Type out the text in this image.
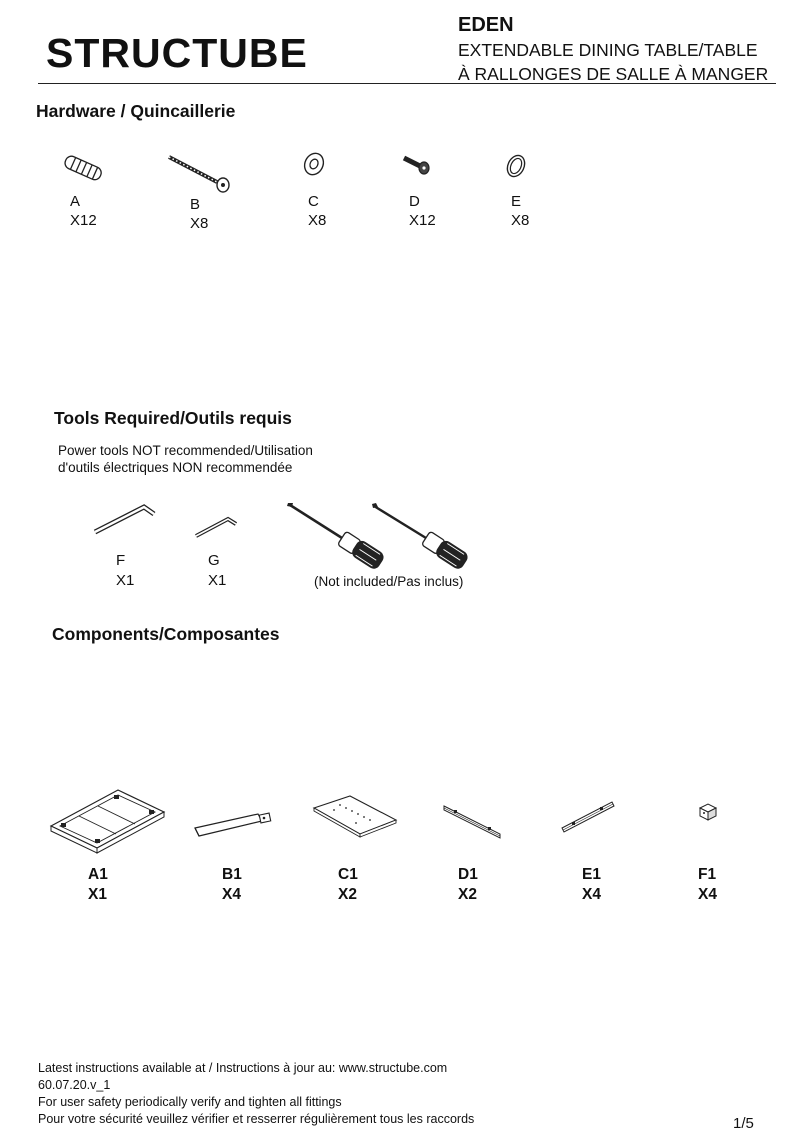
STRUCTUBE
EDEN
EXTENDABLE DINING TABLE/TABLE
À RALLONGES DE SALLE À MANGER
Hardware / Quincaillerie
A
X12
B
X8
C
X8
D
X12
E
X8
Tools Required/Outils requis
Power tools NOT recommended/Utilisation
d'outils électriques NON recommendée
F
X1
G
X1	(Not included/Pas inclus)
Components/Composantes
A1
X1
B1
X4
C1
X2
D1
X2
E1
X4
F1
X4
Latest instructions available at / Instructions à jour au: www.structube.com
60.07.20.v_1
For user safety periodically verify and tighten all fittings
Pour votre sécurité veuillez vérifier et resserrer régulièrement tous les raccords	1/5
